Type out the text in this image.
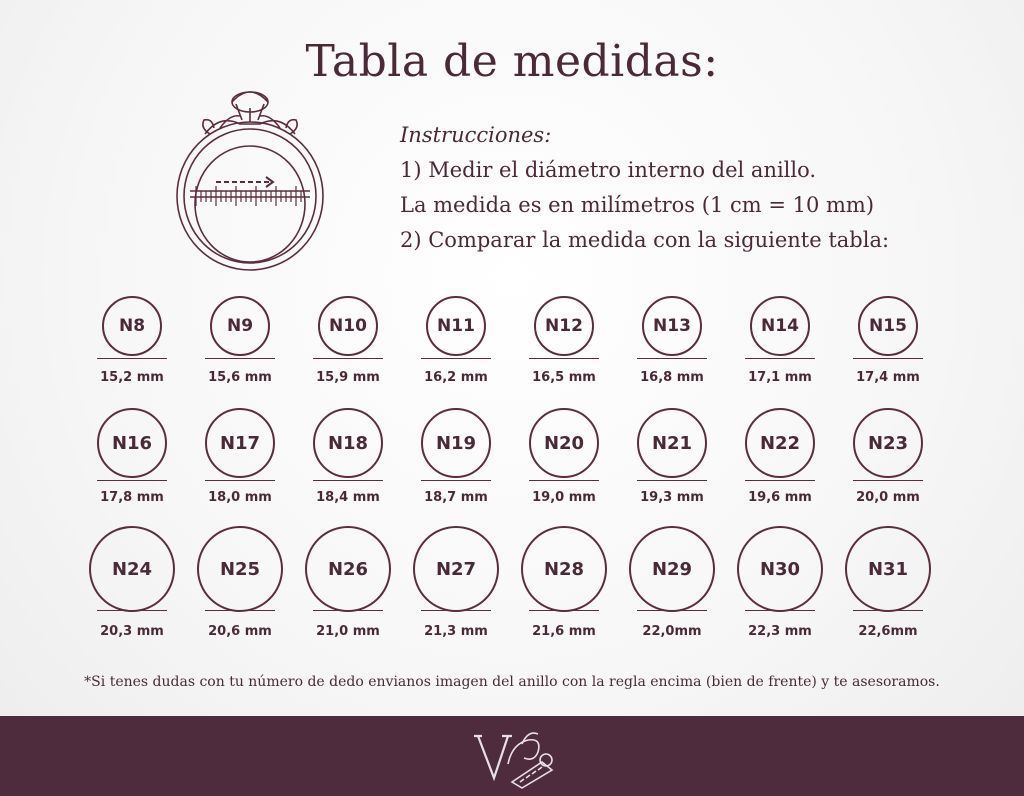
Tabla de medidas:
Instrucciones:
1) Medir el diámetro interno del anillo.
La medida es en milímetros (1 cm = 10 mm)
2) Comparar la medida con la siguiente tabla:
N8
15,2 mm
N9
15,6 mm
N10
15,9 mm
N11
16,2 mm
N12
16,5 mm
N13
16,8 mm
N14
17,1 mm
N15
17,4 mm
N16
17,8 mm
N17
18,0 mm
N18
18,4 mm
N19
18,7 mm
N20
19,0 mm
N21
19,3 mm
N22
19,6 mm
N23
20,0 mm
N24
20,3 mm
N25
20,6 mm
N26
21,0 mm
N27
21,3 mm
N28
21,6 mm
N29
22,0mm
N30
22,3 mm
N31
22,6mm
*Si tenes dudas con tu número de dedo envianos imagen del anillo con la regla encima (bien de frente) y te asesoramos.
